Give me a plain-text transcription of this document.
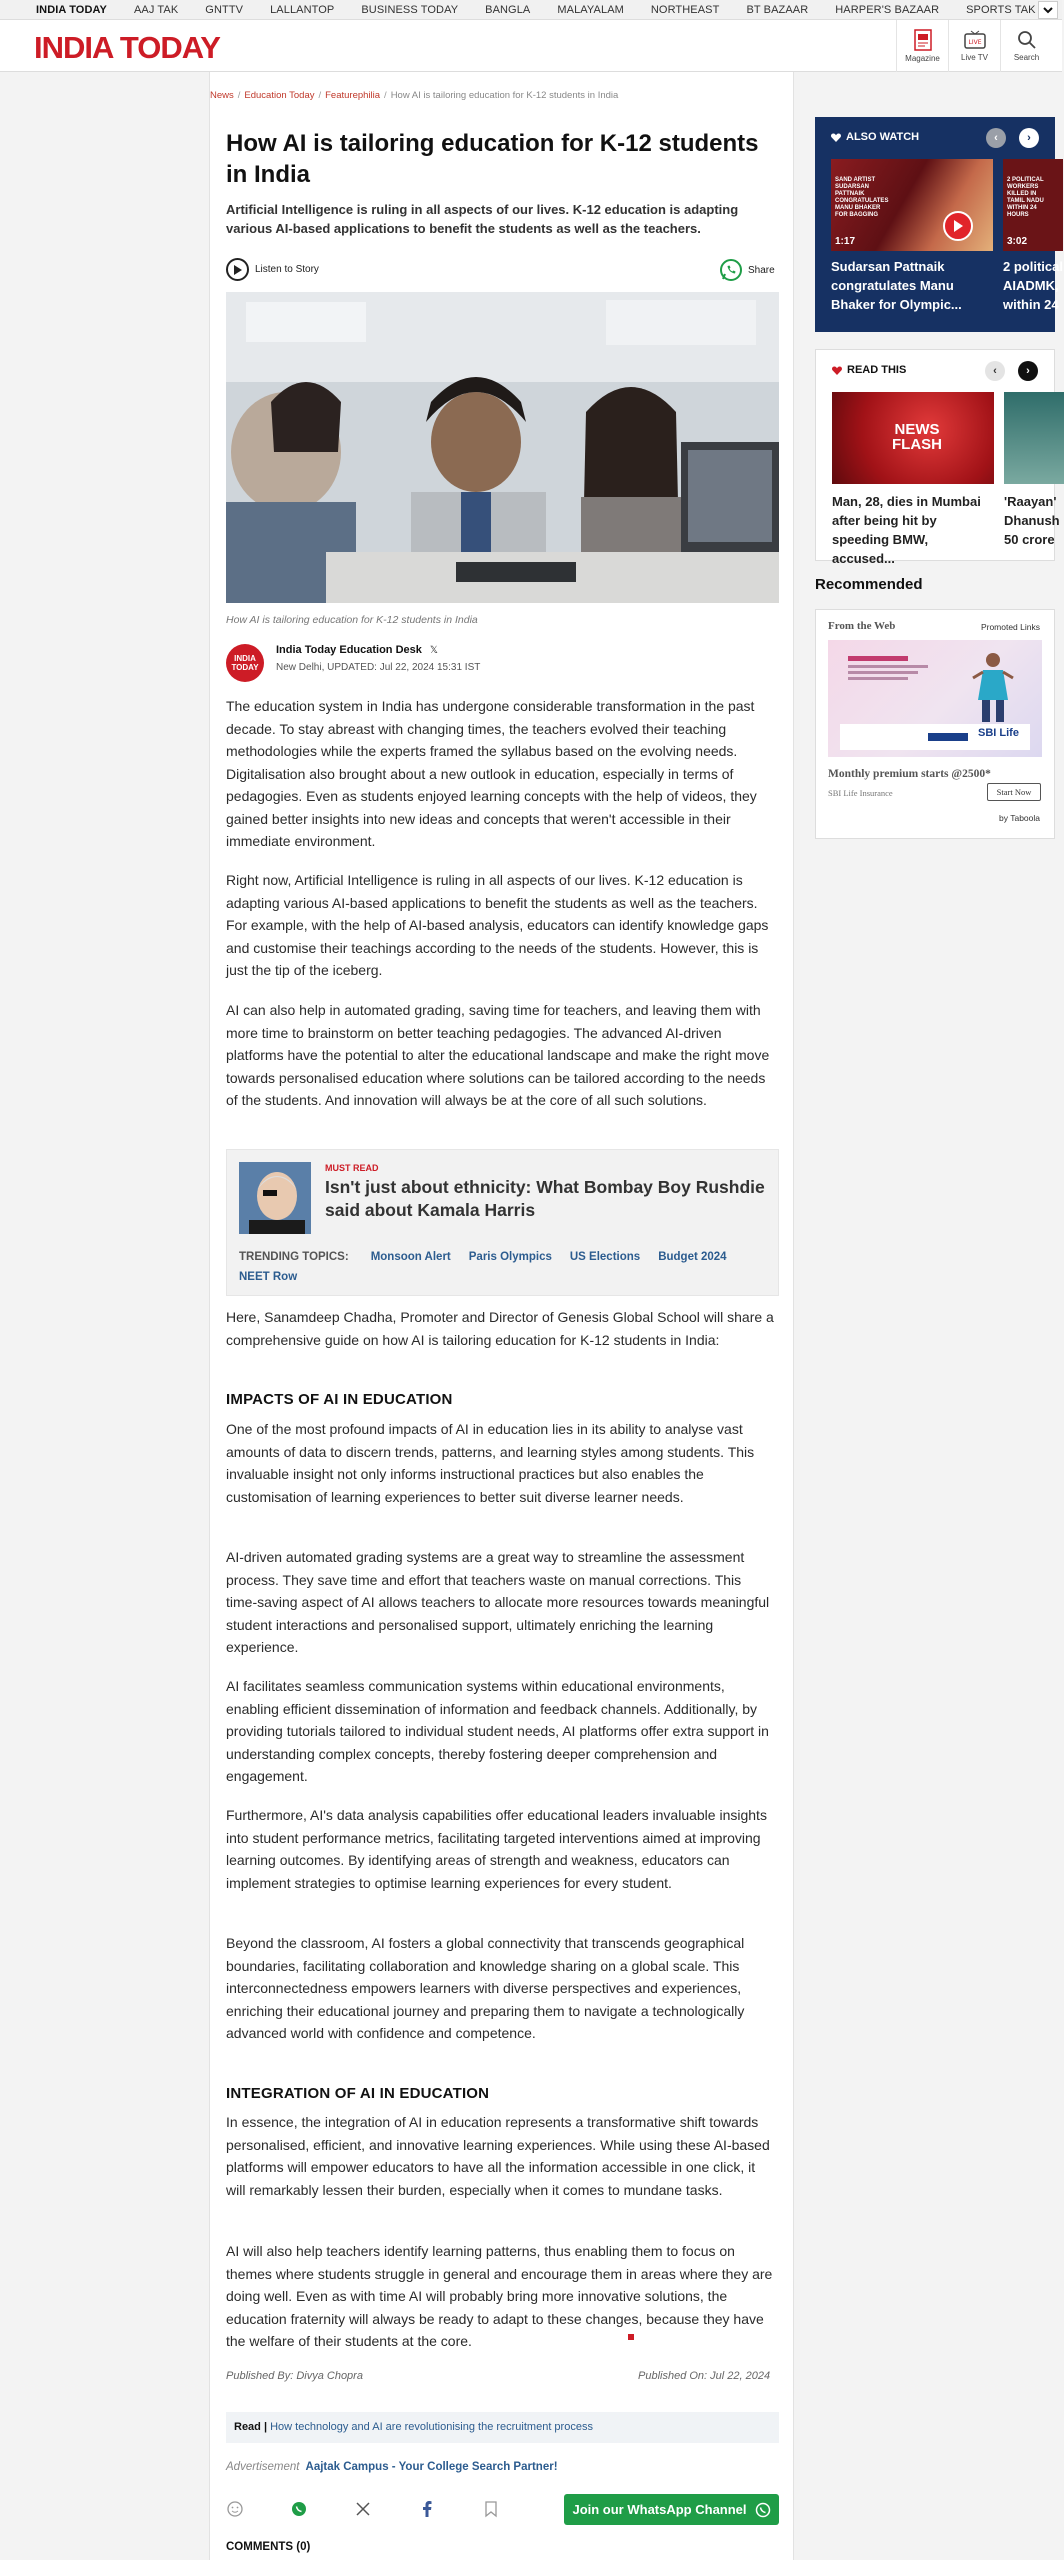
INDIA TODAY AAJ TAK GNTTV LALLANTOP BUSINESS TODAY BANGLA MALAYALAM NORTHEAST BT BAZAAR HARPER'S BAZAAR SPORTS TAK
INDIA TODAY	Magazine
LIVE
Live TV	Search
News / Education Today / Featurephilia / How AI is tailoring education for K-12 students in India
How AI is tailoring education for K-12 students in India
Artificial Intelligence is ruling in all aspects of our lives. K-12 education is adapting various AI-based applications to benefit the students as well as the teachers.
Listen to Story	Share
How AI is tailoring education for K-12 students in India
INDIA TODAY
India Today Education Desk 𝕏
New Delhi, UPDATED: Jul 22, 2024 15:31 IST

The education system in India has undergone considerable transformation in the past decade. To stay abreast with changing times, the teachers evolved their teaching methodologies while the experts framed the syllabus based on the evolving needs. Digitalisation also brought about a new outlook in education, especially in terms of pedagogies. Even as students enjoyed learning concepts with the help of videos, they gained better insights into new ideas and concepts that weren't accessible in their immediate environment.

Right now, Artificial Intelligence is ruling in all aspects of our lives. K-12 education is adapting various AI-based applications to benefit the students as well as the teachers. For example, with the help of AI-based analysis, educators can identify knowledge gaps and customise their teachings according to the needs of the students. However, this is just the tip of the iceberg.

AI can also help in automated grading, saving time for teachers, and leaving them with more time to brainstorm on better teaching pedagogies. The advanced AI-driven platforms have the potential to alter the educational landscape and make the right move towards personalised education where solutions can be tailored according to the needs of the students. And innovation will always be at the core of all such solutions.

MUST READ
Isn't just about ethnicity: What Bombay Boy Rushdie said about Kamala Harris
TRENDING TOPICS: Monsoon Alert Paris Olympics US Elections Budget 2024
NEET Row

Here, Sanamdeep Chadha, Promoter and Director of Genesis Global School will share a comprehensive guide on how AI is tailoring education for K-12 students in India:

IMPACTS OF AI IN EDUCATION

One of the most profound impacts of AI in education lies in its ability to analyse vast amounts of data to discern trends, patterns, and learning styles among students. This invaluable insight not only informs instructional practices but also enables the customisation of learning experiences to better suit diverse learner needs.

AI-driven automated grading systems are a great way to streamline the assessment process. They save time and effort that teachers waste on manual corrections. This time-saving aspect of AI allows teachers to allocate more resources towards meaningful student interactions and personalised support, ultimately enriching the learning experience.

AI facilitates seamless communication systems within educational environments, enabling efficient dissemination of information and feedback channels. Additionally, by providing tutorials tailored to individual student needs, AI platforms offer extra support in understanding complex concepts, thereby fostering deeper comprehension and engagement.

Furthermore, AI's data analysis capabilities offer educational leaders invaluable insights into student performance metrics, facilitating targeted interventions aimed at improving learning outcomes. By identifying areas of strength and weakness, educators can implement strategies to optimise learning experiences for every student.

Beyond the classroom, AI fosters a global connectivity that transcends geographical boundaries, facilitating collaboration and knowledge sharing on a global scale. This interconnectedness empowers learners with diverse perspectives and experiences, enriching their educational journey and preparing them to navigate a technologically advanced world with confidence and competence.

INTEGRATION OF AI IN EDUCATION

In essence, the integration of AI in education represents a transformative shift towards personalised, efficient, and innovative learning experiences. While using these AI-based platforms will empower educators to have all the information accessible in one click, it will remarkably lessen their burden, especially when it comes to mundane tasks.

AI will also help teachers identify learning patterns, thus enabling them to focus on themes where students struggle in general and encourage them in areas where they are doing well. Even as with time AI will probably bring more innovative solutions, the education fraternity will always be ready to adapt to these changes, because they have the welfare of their students at the core.

Published By: Divya Chopra	Published On: Jul 22, 2024
Read | How technology and AI are revolutionising the recruitment process
Advertisement Aajtak Campus - Your College Search Partner!
Join our WhatsApp Channel
COMMENTS (0)
ALSO WATCH	‹	›
SAND ARTIST SUDARSAN PATTNAIK CONGRATULATES MANU BHAKER FOR BAGGING
1:17
Sudarsan Pattnaik congratulates Manu Bhaker for Olympic...
2 POLITICAL WORKERS KILLED IN TAMIL NADU WITHIN 24 HOURS
3:02
2 political AIADMK, within 24
READ THIS	‹	›
NEWS FLASH
Man, 28, dies in Mumbai after being hit by speeding BMW, accused...
'Raayan' Dhanush 50 crore
Recommended
From the Web	Promoted Links
SBI Life
Monthly premium starts @2500*
SBI Life Insurance	Start Now
by Taboola
